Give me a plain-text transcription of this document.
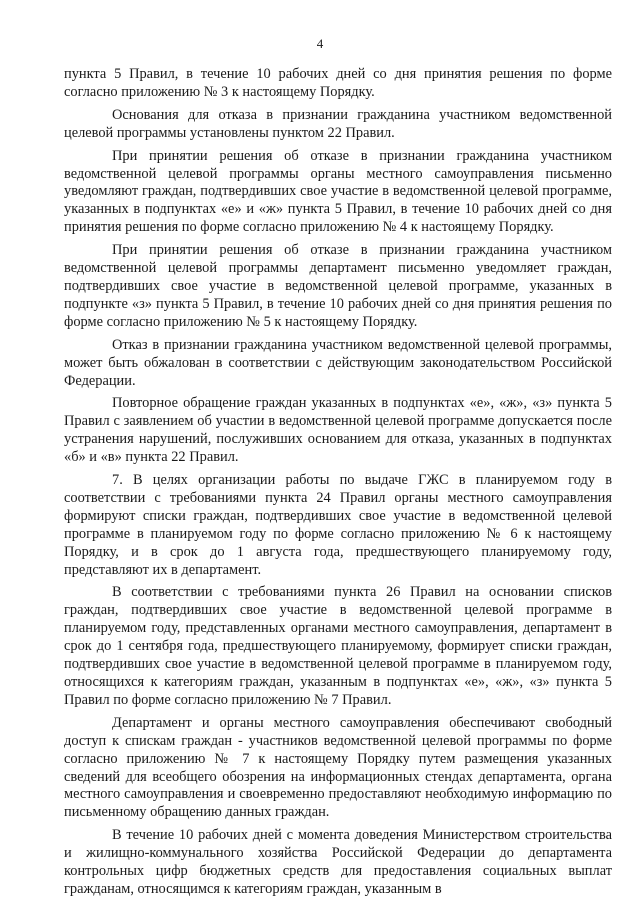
4

пункта 5 Правил, в течение 10 рабочих дней со дня принятия решения по форме согласно приложению № 3 к настоящему Порядку.

Основания для отказа в признании гражданина участником ведомственной целевой программы установлены пунктом 22 Правил.

При принятии решения об отказе в признании гражданина участником ведомственной целевой программы органы местного самоуправления письменно уведомляют граждан, подтвердивших свое участие в ведомственной целевой программе, указанных в подпунктах «е» и «ж» пункта 5 Правил, в течение 10 рабочих дней со дня принятия решения по форме согласно приложению № 4 к настоящему Порядку.

При принятии решения об отказе в признании гражданина участником ведомственной целевой программы департамент письменно уведомляет граждан, подтвердивших свое участие в ведомственной целевой программе, указанных в подпункте «з» пункта 5 Правил, в течение 10 рабочих дней со дня принятия решения по форме согласно приложению № 5 к настоящему Порядку.

Отказ в признании гражданина участником ведомственной целевой программы, может быть обжалован в соответствии с действующим законодательством Российской Федерации.

Повторное обращение граждан указанных в подпунктах «е», «ж», «з» пункта 5 Правил с заявлением об участии в ведомственной целевой программе допускается после устранения нарушений, послуживших основанием для отказа, указанных в подпунктах «б» и «в» пункта 22 Правил.

7. В целях организации работы по выдаче ГЖС в планируемом году в соответствии с требованиями пункта 24 Правил органы местного самоуправления формируют списки граждан, подтвердивших свое участие в ведомственной целевой программе в планируемом году по форме согласно приложению № 6 к настоящему Порядку, и в срок до 1 августа года, предшествующего планируемому году, представляют их в департамент.

В соответствии с требованиями пункта 26 Правил на основании списков граждан, подтвердивших свое участие в ведомственной целевой программе в планируемом году, представленных органами местного самоуправления, департамент в срок до 1 сентября года, предшествующего планируемому, формирует списки граждан, подтвердивших свое участие в ведомственной целевой программе в планируемом году, относящихся к категориям граждан, указанным в подпунктах «е», «ж», «з» пункта 5 Правил по форме согласно приложению № 7 Правил.

Департамент и органы местного самоуправления обеспечивают свободный доступ к спискам граждан - участников ведомственной целевой программы по форме согласно приложению № 7 к настоящему Порядку путем размещения указанных сведений для всеобщего обозрения на информационных стендах департамента, органа местного самоуправления и своевременно предоставляют необходимую информацию по письменному обращению данных граждан.

В течение 10 рабочих дней с момента доведения Министерством строительства и жилищно-коммунального хозяйства Российской Федерации до департамента контрольных цифр бюджетных средств для предоставления социальных выплат гражданам, относящимся к категориям граждан, указанным в
